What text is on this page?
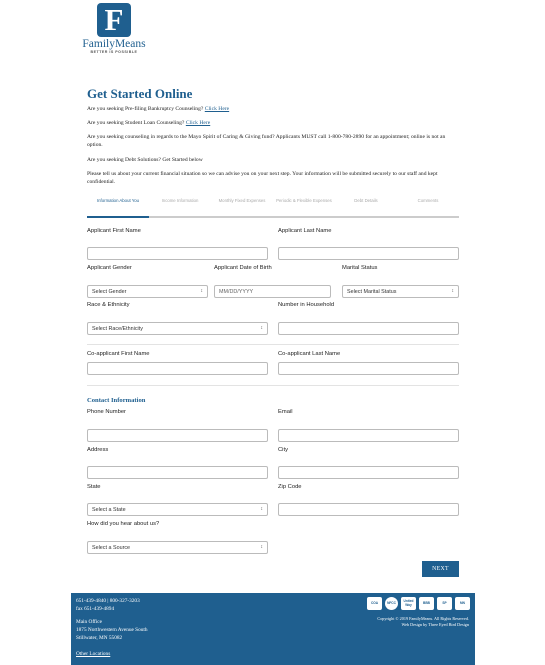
F
FamilyMeans
BETTER IS POSSIBLE
Get Started Online
Are you seeking Pre-filing Bankruptcy Counseling? Click Here
Are you seeking Student Loan Counseling? Click Here
Are you seeking counseling in regards to the Mayo Spirit of Caring & Giving fund? Applicants MUST call 1-800-780-2890 for an appointment; online is not an option.
Are you seeking Debt Solutions? Get Started below
Please tell us about your current financial situation so we can advise you on your next step. Your information will be submitted securely to our staff and kept confidential.
Information About You	Income Information	Monthly Fixed Expenses	Periodic & Flexible Expenses	Debt Details	Comments
Applicant First Name	Applicant Last Name
Applicant Gender
Select Gender	↕
Applicant Date of Birth
MM/DD/YYYY
Marital Status
Select Marital Status	↕
Race & Ethnicity
Select Race/Ethnicity	↕
Number in Household
Co-applicant First Name	Co-applicant Last Name
Contact Information
Phone Number	Email
Address	City
State
Select a State	↕
Zip Code
How did you hear about us?
Select a Source	↕
NEXT
651-439-4840 | 800-327-3203
fax 651-439-4894
Main Office
1875 Northwestern Avenue South
Stillwater, MN 55082
Other Locations
COA	NFCC	United Way	BBB	SP	MN
Copyright © 2019 FamilyMeans. All Rights Reserved.
Web Design by Three Eyed Bird Design
